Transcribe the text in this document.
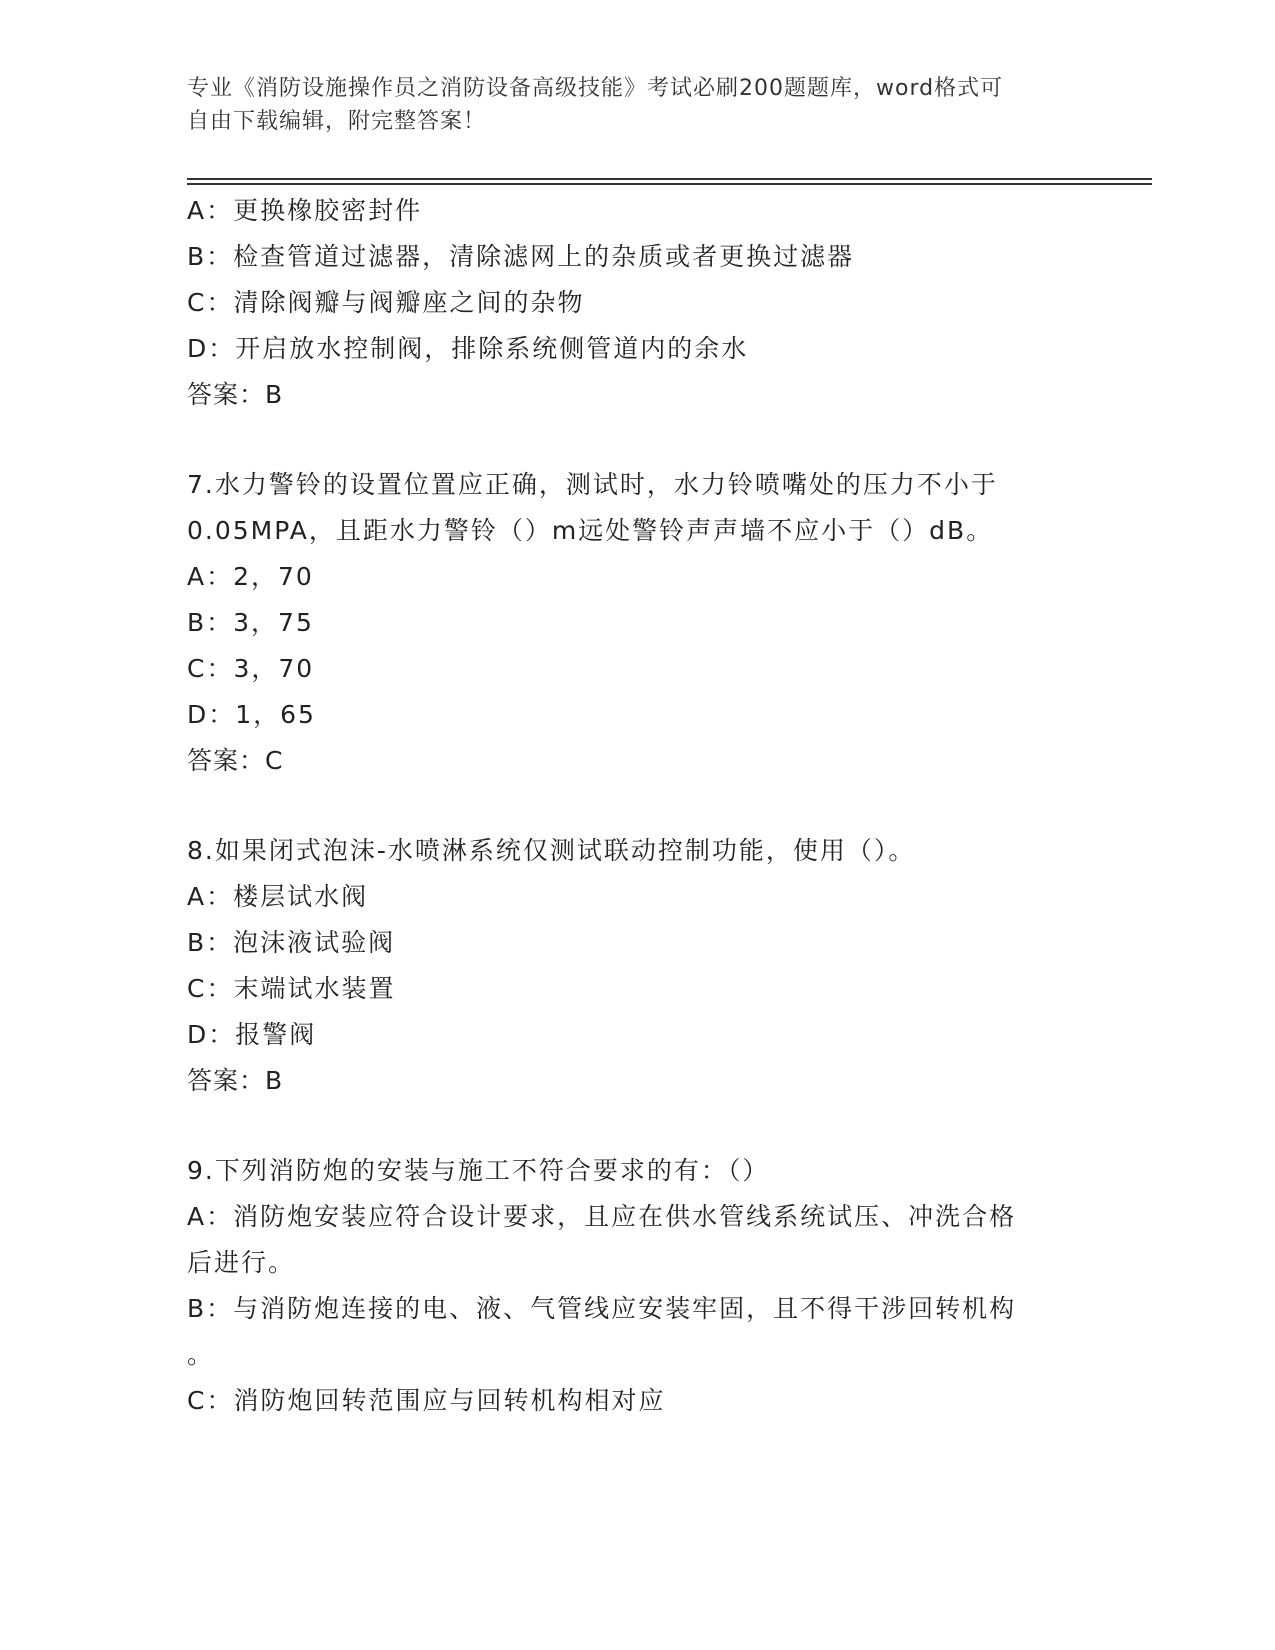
专业《消防设施操作员之消防设备高级技能》考试必刷200题题库，word格式可
自由下载编辑，附完整答案！
A：更换橡胶密封件
B：检查管道过滤器，清除滤网上的杂质或者更换过滤器
C：清除阀瓣与阀瓣座之间的杂物
D：开启放水控制阀，排除系统侧管道内的余水
答案：B
7.水力警铃的设置位置应正确，测试时，水力铃喷嘴处的压力不小于
0.05MPA，且距水力警铃（）m远处警铃声声墙不应小于（）dB。
A：2，70
B：3，75
C：3，70
D：1，65
答案：C
8.如果闭式泡沫-水喷淋系统仅测试联动控制功能，使用（）。
A：楼层试水阀
B：泡沫液试验阀
C：末端试水装置
D：报警阀
答案：B
9.下列消防炮的安装与施工不符合要求的有：（）
A：消防炮安装应符合设计要求，且应在供水管线系统试压、冲洗合格
后进行。
B：与消防炮连接的电、液、气管线应安装牢固，且不得干涉回转机构
。
C：消防炮回转范围应与回转机构相对应
